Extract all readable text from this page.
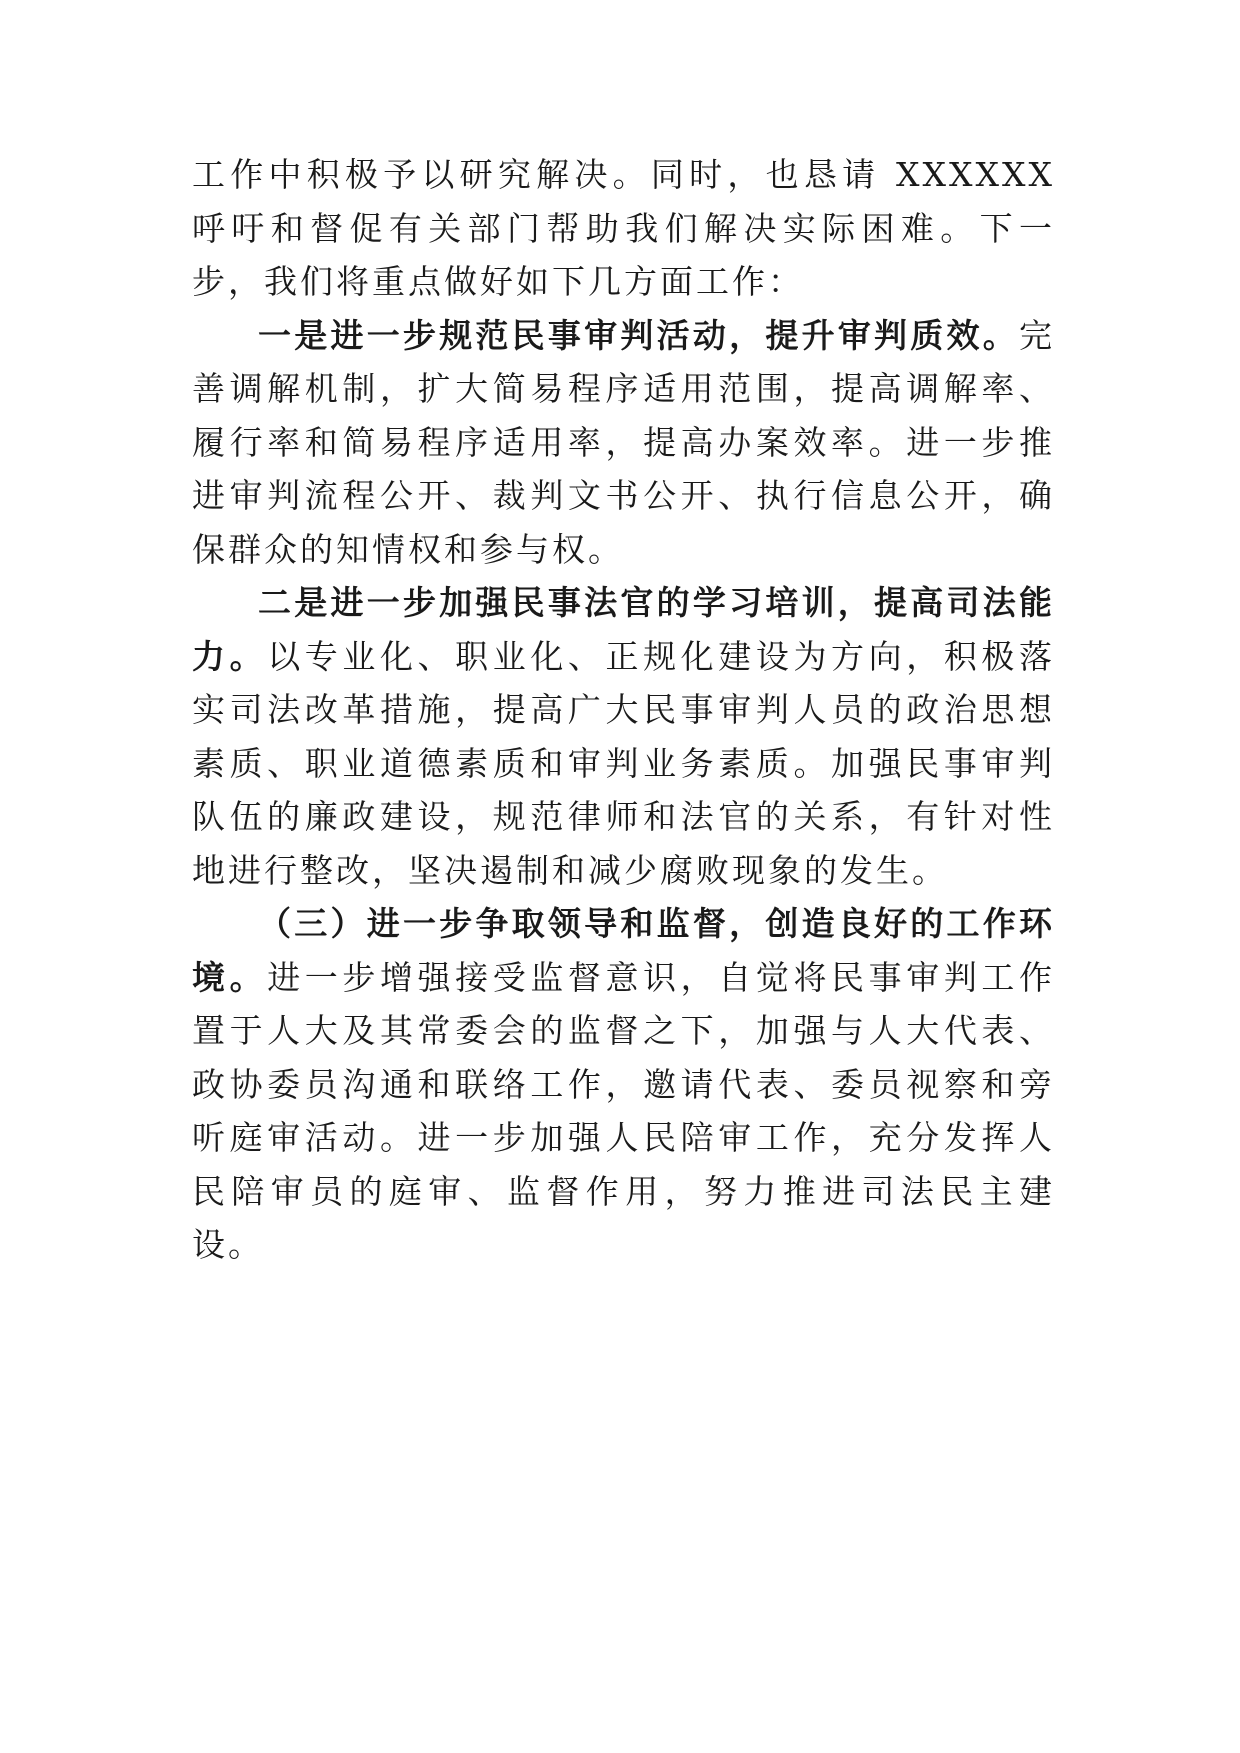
工作中积极予以研究解决。同时，也恳请 XXXXXX 呼吁和督促有关部门帮助我们解决实际困难。下一步，我们将重点做好如下几方面工作：

一是进一步规范民事审判活动，提升审判质效。完善调解机制，扩大简易程序适用范围，提高调解率、履行率和简易程序适用率，提高办案效率。进一步推进审判流程公开、裁判文书公开、执行信息公开，确保群众的知情权和参与权。

二是进一步加强民事法官的学习培训，提高司法能力。以专业化、职业化、正规化建设为方向，积极落实司法改革措施，提高广大民事审判人员的政治思想素质、职业道德素质和审判业务素质。加强民事审判队伍的廉政建设，规范律师和法官的关系，有针对性地进行整改，坚决遏制和减少腐败现象的发生。

（三）进一步争取领导和监督，创造良好的工作环境。进一步增强接受监督意识，自觉将民事审判工作置于人大及其常委会的监督之下，加强与人大代表、政协委员沟通和联络工作，邀请代表、委员视察和旁听庭审活动。进一步加强人民陪审工作，充分发挥人民陪审员的庭审、监督作用，努力推进司法民主建设。
